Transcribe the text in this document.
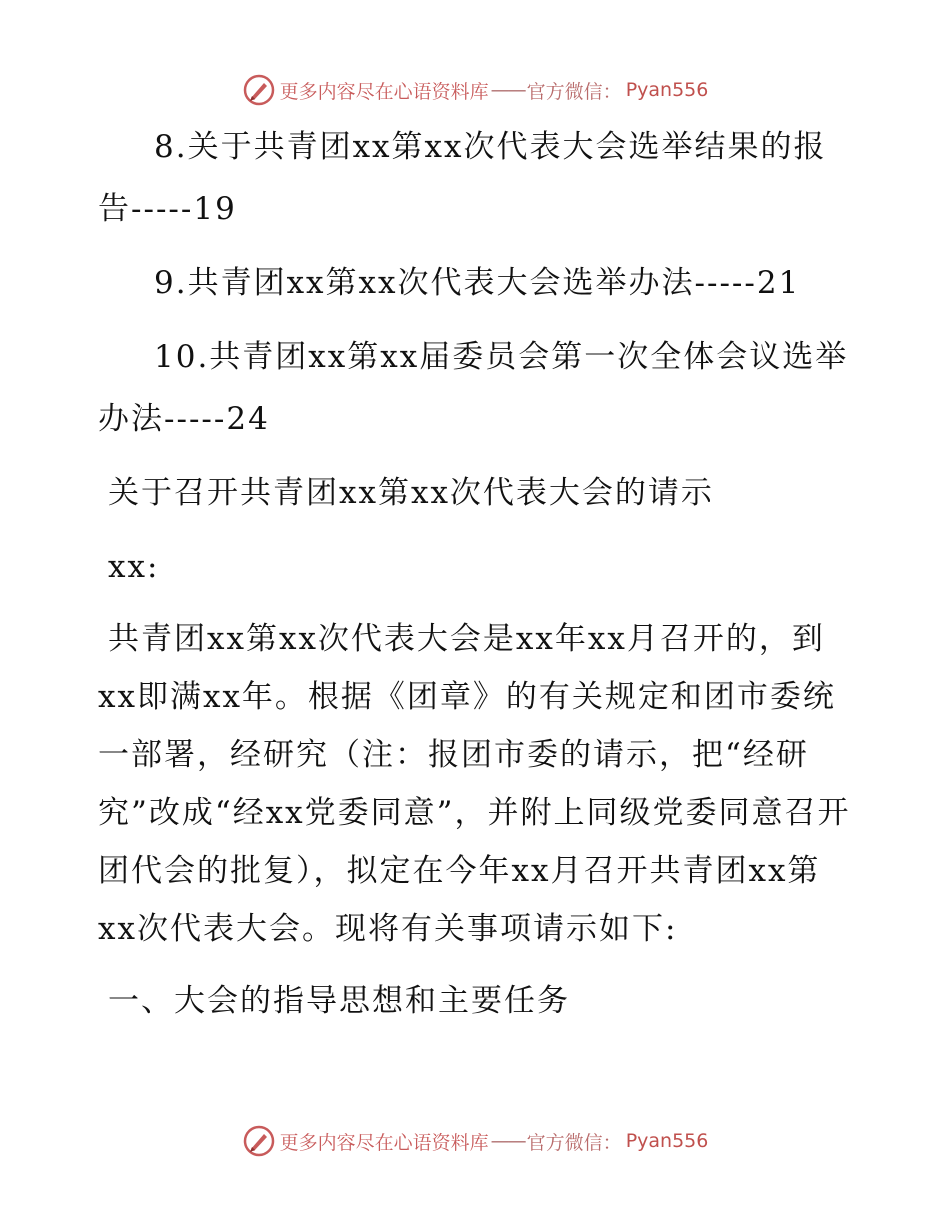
更多内容尽在心语资料库 —— 官方微信： Pyan556

8.关于共青团xx第xx次代表大会选举结果的报告-----19

9.共青团xx第xx次代表大会选举办法-----21

10.共青团xx第xx届委员会第一次全体会议选举办法-----24

关于召开共青团xx第xx次代表大会的请示

xx:

共青团xx第xx次代表大会是xx年xx月召开的，到xx即满xx年。根据《团章》的有关规定和团市委统一部署，经研究（注：报团市委的请示，把“经研究”改成“经xx党委同意”，并附上同级党委同意召开团代会的批复），拟定在今年xx月召开共青团xx第xx次代表大会。现将有关事项请示如下:

一、大会的指导思想和主要任务

更多内容尽在心语资料库 —— 官方微信： Pyan556
